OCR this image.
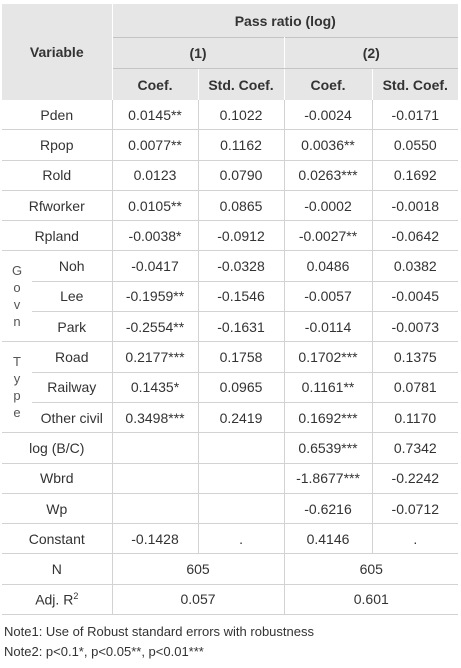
Variable		Pass ratio (log)			
		(1)		(2)	
		Coef.	Std. Coef.	Coef.	Std. Coef.
Pden		0.0145**	0.1022	-0.0024	-0.0171
Rpop		0.0077**	0.1162	0.0036**	0.0550
Rold		0.0123	0.0790	0.0263***	0.1692
Rfworker		0.0105**	0.0865	-0.0002	-0.0018
Rpland		-0.0038*	-0.0912	-0.0027**	-0.0642

G
o
v
n	Noh	-0.0417	-0.0328	0.0486	0.0382
	Lee	-0.1959**	-0.1546	-0.0057	-0.0045
	Park	-0.2554**	-0.1631	-0.0114	-0.0073

T
y
p
e	Road	0.2177***	0.1758	0.1702***	0.1375
	Railway	0.1435*	0.0965	0.1161**	0.0781
	Other civil	0.3498***	0.2419	0.1692***	0.1170
log (B/C)				0.6539***	0.7342
Wbrd				-1.8677***	-0.2242
Wp				-0.6216	-0.0712
Constant		-0.1428	.	0.4146	.
N		605		605	
Adj. $R^2$		0.057		0.601	
Note1: Use of Robust standard errors with robustness
Note2: p<0.1*, p<0.05**, p<0.01***
